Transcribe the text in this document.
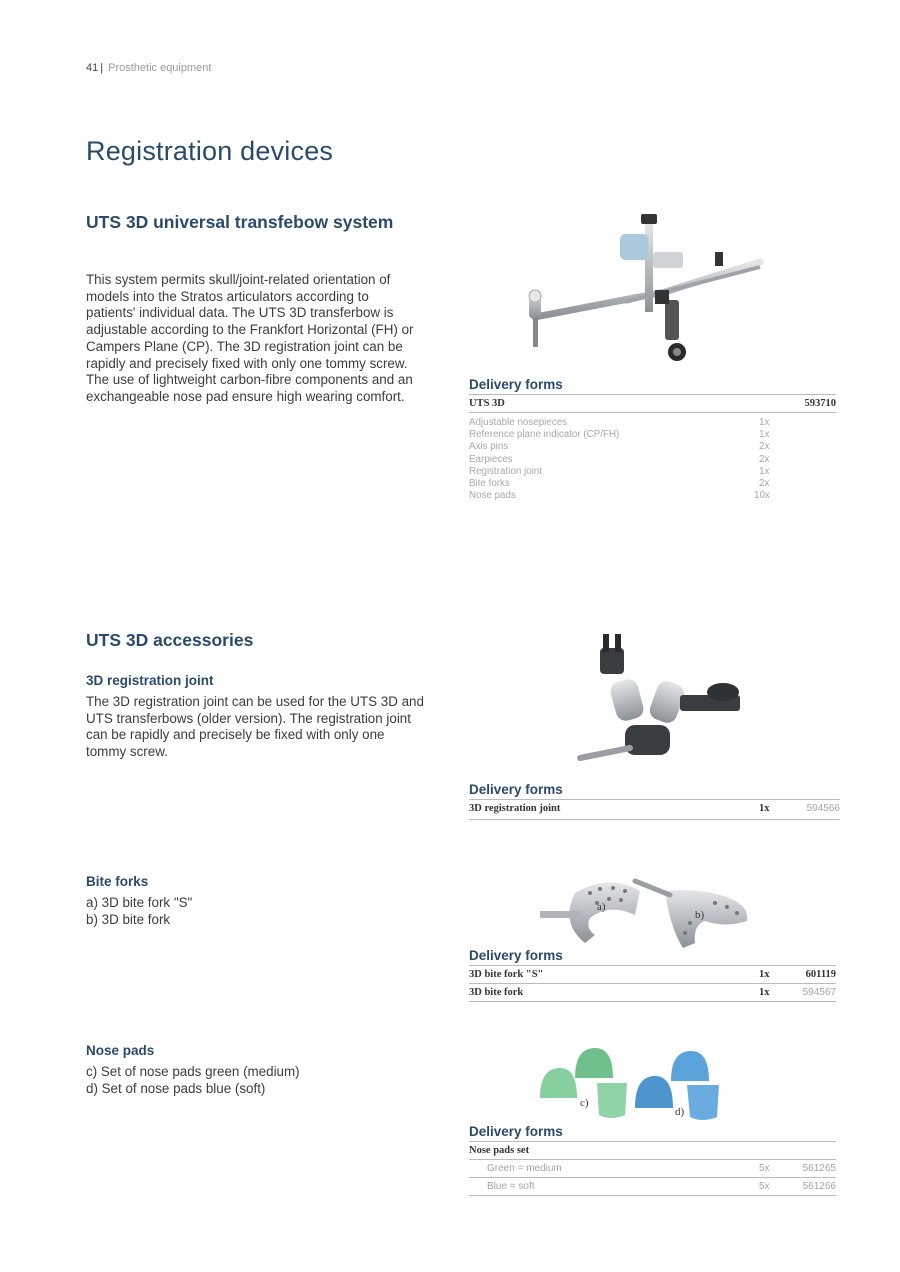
41 | Prosthetic equipment
Registration devices
UTS 3D universal transfebow system

This system permits skull/joint-related orientation of

models into the Stratos articulators according to

patients' individual data. The UTS 3D transferbow is

adjustable according to the Frankfort Horizontal (FH) or

Campers Plane (CP). The 3D registration joint can be

rapidly and precisely fixed with only one tommy screw.

The use of lightweight carbon-fibre components and an

exchangeable nose pad ensure high wearing comfort.

Delivery forms
UTS 3D	593710
Adjustable nosepieces	1x
Reference plane indicator (CP/FH)	1x
Axis pins	2x
Earpieces	2x
Registration joint	1x
Bite forks	2x
Nose pads	10x
UTS 3D accessories
3D registration joint

The 3D registration joint can be used for the UTS 3D and

UTS transferbows (older version). The registration joint

can be rapidly and precisely be fixed with only one

tommy screw.

Delivery forms
3D registration joint	1x	594566
Bite forks

a) 3D bite fork "S"

b) 3D bite fork

a)
b)
Delivery forms
3D bite fork "S"	1x	601119
3D bite fork	1x	594567
Nose pads

c) Set of nose pads green (medium)

d) Set of nose pads blue (soft)

c)
d)
Delivery forms
Nose pads set
Green = medium	5x	561265
Blue = soft	5x	561266
